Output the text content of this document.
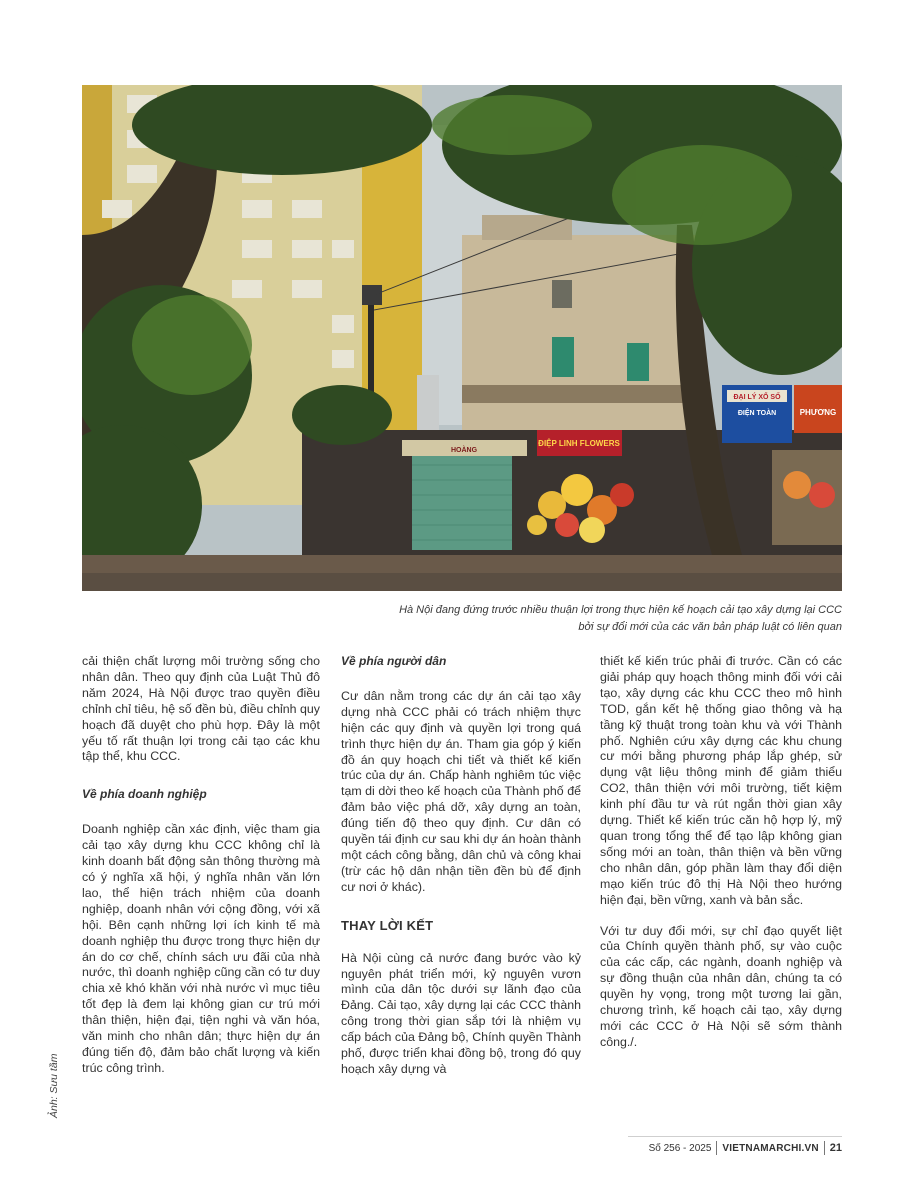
HOÀNG
ĐIỆP LINH FLOWERS
ĐẠI LÝ XỔ SỐ
ĐIỆN TOÀN	PHƯƠNG
Hà Nội đang đứng trước nhiều thuận lợi trong thực hiện kế hoạch cải tạo xây dựng lại CCC
bởi sự đổi mới của các văn bản pháp luật có liên quan
Ảnh: Sưu tầm

cải thiện chất lượng môi trường sống cho nhân dân. Theo quy định của Luật Thủ đô năm 2024, Hà Nội được trao quyền điều chỉnh chỉ tiêu, hệ số đền bù, điều chỉnh quy hoạch đã duyệt cho phù hợp. Đây là một yếu tố rất thuận lợi trong cải tạo các khu tập thể, khu CCC.

Về phía doanh nghiệp

Doanh nghiệp cần xác định, việc tham gia cải tạo xây dựng khu CCC không chỉ là kinh doanh bất động sản thông thường mà có ý nghĩa xã hội, ý nghĩa nhân văn lớn lao, thể hiện trách nhiệm của doanh nghiệp, doanh nhân với cộng đồng, với xã hội. Bên cạnh những lợi ích kinh tế mà doanh nghiệp thu được trong thực hiện dự án do cơ chế, chính sách ưu đãi của nhà nước, thì doanh nghiệp cũng cần có tư duy chia xẻ khó khăn với nhà nước vì mục tiêu tốt đẹp là đem lại không gian cư trú mới thân thiện, hiện đại, tiện nghi và văn hóa, văn minh cho nhân dân; thực hiện dự án đúng tiến độ, đảm bảo chất lượng và kiến trúc công trình.

Về phía người dân

Cư dân nằm trong các dự án cải tạo xây dựng nhà CCC phải có trách nhiệm thực hiện các quy định và quyền lợi trong quá trình thực hiện dự án. Tham gia góp ý kiến đồ án quy hoạch chi tiết và thiết kế kiến trúc của dự án. Chấp hành nghiêm túc việc tạm di dời theo kế hoạch của Thành phố để đảm bảo việc phá dỡ, xây dựng an toàn, đúng tiến độ theo quy định. Cư dân có quyền tái định cư sau khi dự án hoàn thành một cách công bằng, dân chủ và công khai (trừ các hộ dân nhận tiền đền bù để định cư nơi ở khác).

THAY LỜI KẾT

Hà Nội cùng cả nước đang bước vào kỷ nguyên phát triển mới, kỷ nguyên vươn mình của dân tộc dưới sự lãnh đạo của Đảng. Cải tạo, xây dựng lại các CCC thành công trong thời gian sắp tới là nhiệm vụ cấp bách của Đảng bộ, Chính quyền Thành phố, được triển khai đồng bộ, trong đó quy hoạch xây dựng và

thiết kế kiến trúc phải đi trước. Cần có các giải pháp quy hoạch thông minh đối với cải tạo, xây dựng các khu CCC theo mô hình TOD, gắn kết hệ thống giao thông và hạ tầng kỹ thuật trong toàn khu và với Thành phố. Nghiên cứu xây dựng các khu chung cư mới bằng phương pháp lắp ghép, sử dụng vật liệu thông minh để giảm thiểu CO2, thân thiện với môi trường, tiết kiệm kinh phí đầu tư và rút ngắn thời gian xây dựng. Thiết kế kiến trúc căn hộ hợp lý, mỹ quan trong tổng thể để tạo lập không gian sống mới an toàn, thân thiện và bền vững cho nhân dân, góp phần làm thay đổi diện mạo kiến trúc đô thị Hà Nội theo hướng hiện đại, bền vững, xanh và bản sắc.

Với tư duy đổi mới, sự chỉ đạo quyết liệt của Chính quyền thành phố, sự vào cuộc của các cấp, các ngành, doanh nghiệp và sự đồng thuận của nhân dân, chúng ta có quyền hy vọng, trong một tương lai gần, chương trình, kế hoạch cải tạo, xây dựng mới các CCC ở Hà Nội sẽ sớm thành công./.

Số 256 - 2025	VIETNAMARCHI.VN	21
